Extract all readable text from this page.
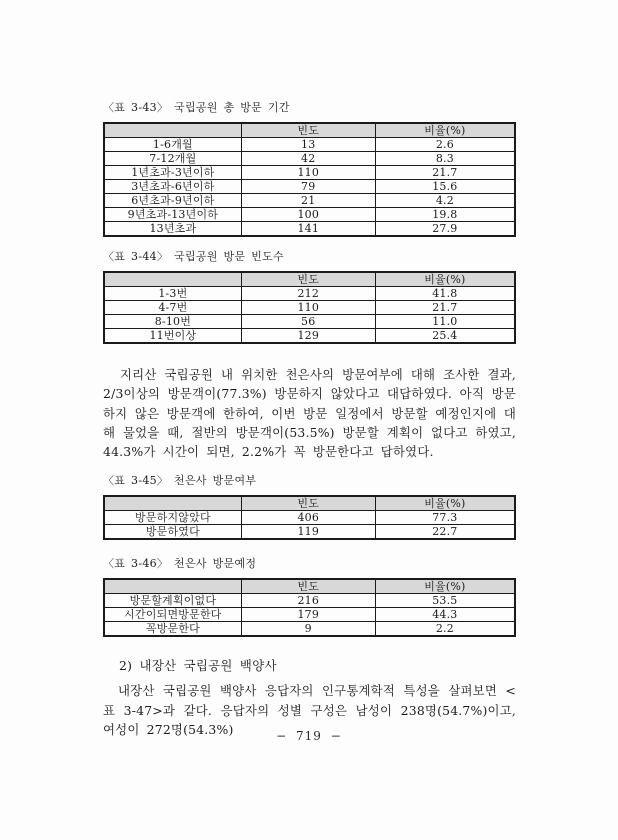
〈표 3-43〉 국립공원 총 방문 기간
	빈도	비율(%)
1-6개월	13	2.6
7-12개월	42	8.3
1년초과-3년이하	110	21.7
3년초과-6년이하	79	15.6
6년초과-9년이하	21	4.2
9년초과-13년이하	100	19.8
13년초과	141	27.9
〈표 3-44〉 국립공원 방문 빈도수
	빈도	비율(%)
1-3번	212	41.8
4-7번	110	21.7
8-10번	56	11.0
11번이상	129	25.4

지리산 국립공원 내 위치한 천은사의 방문여부에 대해 조사한 결과, 2/3이상의 방문객이(77.3%) 방문하지 않았다고 대답하였다. 아직 방문하지 않은 방문객에 한하여, 이번 방문 일정에서 방문할 예정인지에 대해 물었을 때, 절반의 방문객이(53.5%) 방문할 계획이 없다고 하였고, 44.3%가 시간이 되면, 2.2%가 꼭 방문한다고 답하였다.

〈표 3-45〉 천은사 방문여부
	빈도	비율(%)
방문하지않았다	406	77.3
방문하였다	119	22.7
〈표 3-46〉 천은사 방문예정
	빈도	비율(%)
방문할계획이없다	216	53.5
시간이되면방문한다	179	44.3
꼭방문한다	9	2.2
2) 내장산 국립공원 백양사

내장산 국립공원 백양사 응답자의 인구통계학적 특성을 살펴보면 <표 3-47>과 같다. 응답자의 성별 구성은 남성이 238명(54.7%)이고, 여성이 272명(54.3%)	− 719 −
